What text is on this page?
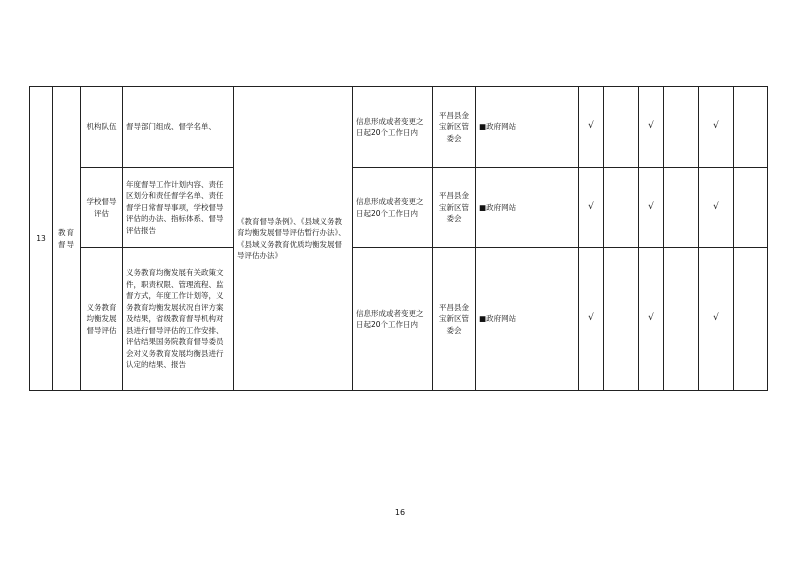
13	教育督导	机构队伍	督导部门组成、督学名单、	《教育督导条例》、《县域义务教育均衡发展督导评估暂行办法》、《县域义务教育优质均衡发展督导评估办法》	信息形成或者变更之日起20个工作日内	平昌县金宝新区管委会	■政府网站	√		√		√	
		学校督导评估	年度督导工作计划内容、责任区划分和责任督学名单、责任督学日常督导事项，学校督导评估的办法、指标体系、督导评估报告		信息形成或者变更之日起20个工作日内	平昌县金宝新区管委会	■政府网站	√		√		√	
		义务教育均衡发展督导评估	义务教育均衡发展有关政策文件，职责权限、管理流程、监督方式，年度工作计划等，义务教育均衡发展状况自评方案及结果，省级教育督导机构对县进行督导评估的工作安排、评估结果国务院教育督导委员会对义务教育发展均衡县进行认定的结果、报告		信息形成或者变更之日起20个工作日内	平昌县金宝新区管委会	■政府网站	√		√		√	
16
